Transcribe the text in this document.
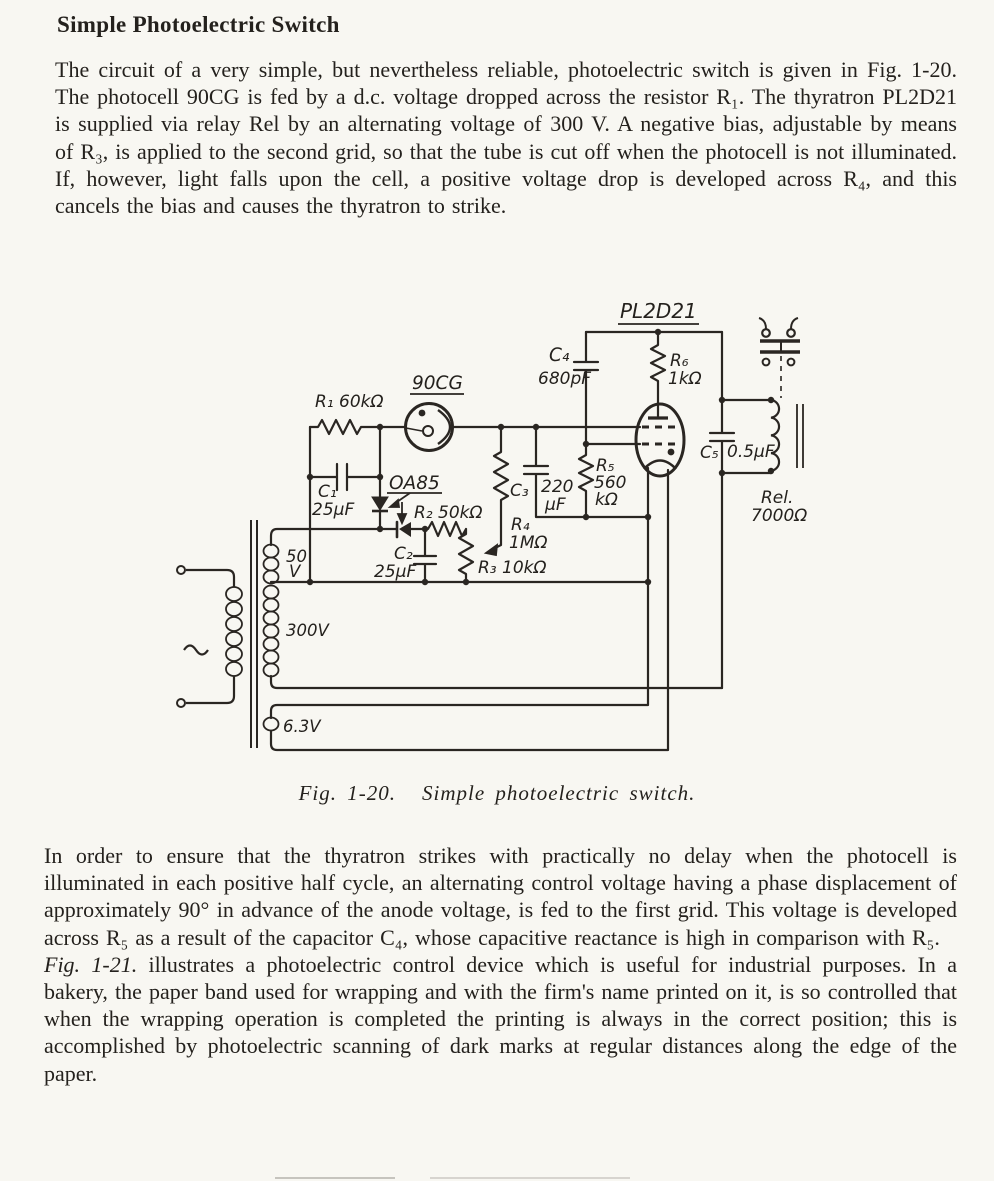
Simple Photoelectric Switch
The circuit of a very simple, but nevertheless reliable, photoelectric switch is given in Fig. 1-20. The photocell 90CG is fed by a d.c. voltage dropped across the resistor R₁. The thyratron PL2D21 is supplied via relay Rel by an alternating voltage of 300 V. A negative bias, adjustable by means of R₃, is applied to the second grid, so that the tube is cut off when the photocell is not illuminated. If, however, light falls upon the cell, a positive voltage drop is developed across R₄, and this cancels the bias and causes the thyratron to strike.
PL2D21
90CG
R₁ 60kΩ
C₁
25μF
OA85
R₂ 50kΩ
C₂
25μF	R₃ 10kΩ
R₄
1MΩ
C₃ 220
μF
R₅
560
kΩ
C₄
680pF
R₆
1kΩ
C₅ 0.5μF
Rel.
7000Ω
50
V
300V
6.3V
Fig. 1-20. Simple photoelectric switch.

In order to ensure that the thyratron strikes with practically no delay when the photocell is illuminated in each positive half cycle, an alternating control voltage having a phase displacement of approximately 90° in advance of the anode voltage, is fed to the first grid. This voltage is developed across R₅ as a result of the capacitor C₄, whose capacitive reactance is high in comparison with R₅.

Fig. 1-21. illustrates a photoelectric control device which is useful for industrial purposes. In a bakery, the paper band used for wrapping and with the firm's name printed on it, is so controlled that when the wrapping operation is completed the printing is always in the correct position; this is accomplished by photoelectric scanning of dark marks at regular distances along the edge of the paper.
